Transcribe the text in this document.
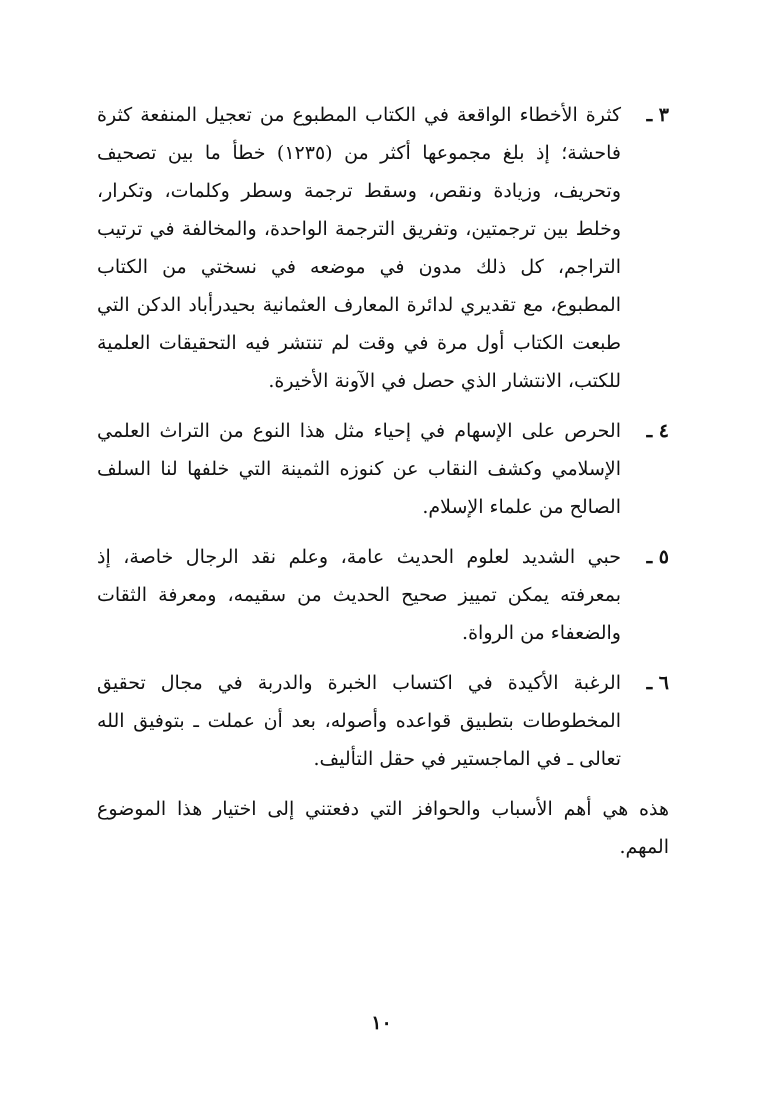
٣ ـ
كثرة الأخطاء الواقعة في الكتاب المطبوع من تعجيل المنفعة كثرة فاحشة؛ إذ بلغ مجموعها أكثر من (١٢٣٥) خطأ ما بين تصحيف وتحريف، وزيادة ونقص، وسقط ترجمة وسطر وكلمات، وتكرار، وخلط بين ترجمتين، وتفريق الترجمة الواحدة، والمخالفة في ترتيب التراجم، كل ذلك مدون في موضعه في نسختي من الكتاب المطبوع، مع تقديري لدائرة المعارف العثمانية بحيدرأباد الدكن التي طبعت الكتاب أول مرة في وقت لم تنتشر فيه التحقيقات العلمية للكتب، الانتشار الذي حصل في الآونة الأخيرة.
٤ ـ
الحرص على الإسهام في إحياء مثل هذا النوع من التراث العلمي الإسلامي وكشف النقاب عن كنوزه الثمينة التي خلفها لنا السلف الصالح من علماء الإسلام.
٥ ـ
حبي الشديد لعلوم الحديث عامة، وعلم نقد الرجال خاصة، إذ بمعرفته يمكن تمييز صحيح الحديث من سقيمه، ومعرفة الثقات والضعفاء من الرواة.
٦ ـ
الرغبة الأكيدة في اكتساب الخبرة والدربة في مجال تحقيق المخطوطات بتطبيق قواعده وأصوله، بعد أن عملت ـ بتوفيق الله تعالى ـ في الماجستير في حقل التأليف.
هذه هي أهم الأسباب والحوافز التي دفعتني إلى اختيار هذا الموضوع المهم.
١٠
